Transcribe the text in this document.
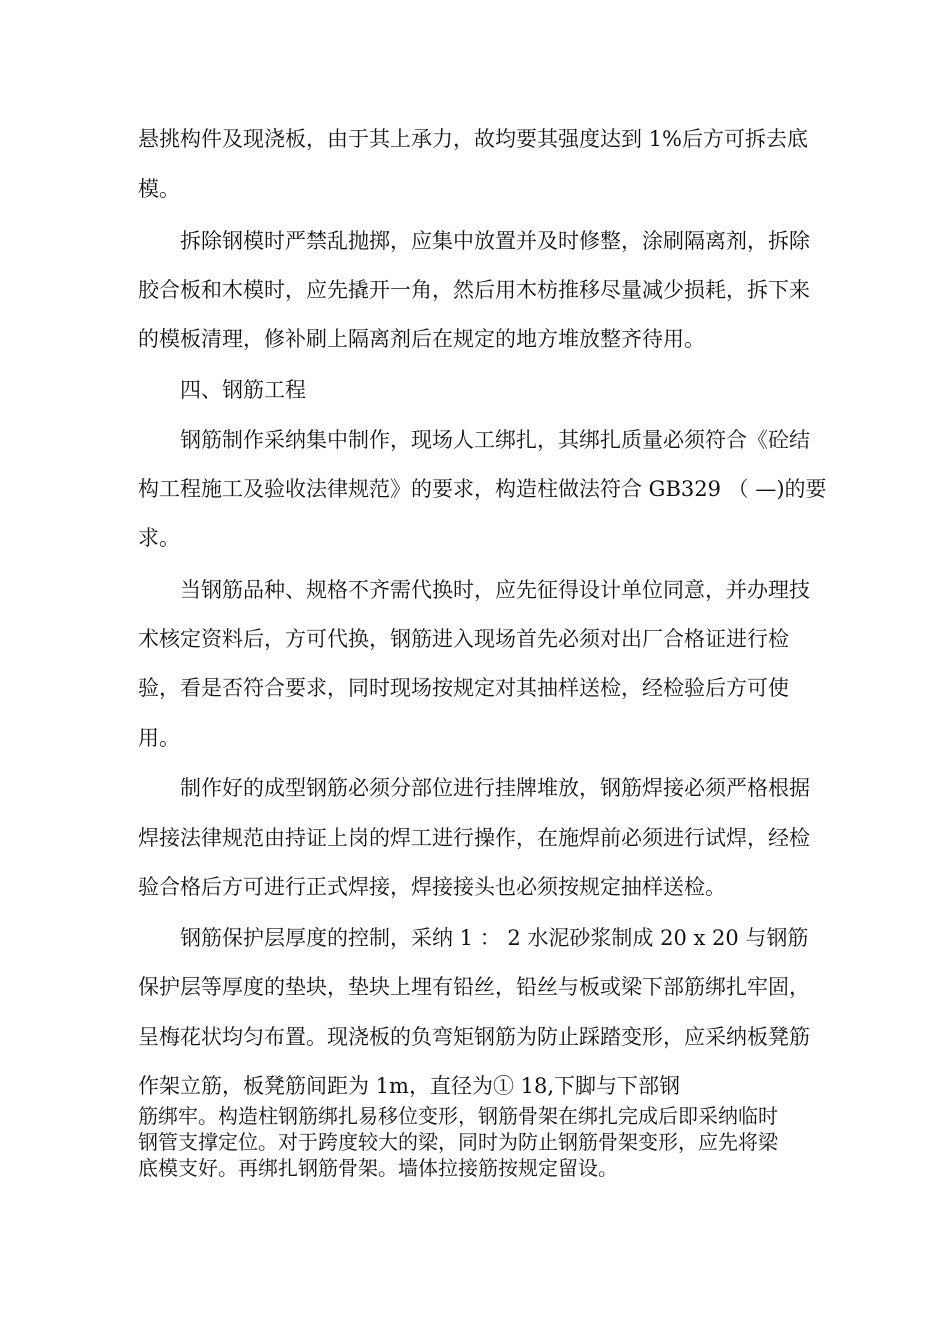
悬挑构件及现浇板，由于其上承力，故均要其强度达到 1%后方可拆去底

模。

拆除钢模时严禁乱抛掷，应集中放置并及时修整，涂刷隔离剂，拆除

胶合板和木模时，应先撬开一角，然后用木枋推移尽量减少损耗，拆下来

的模板清理，修补刷上隔离剂后在规定的地方堆放整齐待用。

四、钢筋工程

钢筋制作采纳集中制作，现场人工绑扎，其绑扎质量必须符合《砼结

构工程施工及验收法律规范》的要求，构造柱做法符合 GB329 （ —)的要

求。

当钢筋品种、规格不齐需代换时，应先征得设计单位同意，并办理技

术核定资料后，方可代换，钢筋进入现场首先必须对出厂合格证进行检

验，看是否符合要求，同时现场按规定对其抽样送检，经检验后方可使

用。

制作好的成型钢筋必须分部位进行挂牌堆放，钢筋焊接必须严格根据

焊接法律规范由持证上岗的焊工进行操作，在施焊前必须进行试焊，经检

验合格后方可进行正式焊接，焊接接头也必须按规定抽样送检。

钢筋保护层厚度的控制，采纳 1 ： 2 水泥砂浆制成 20 x 20 与钢筋

保护层等厚度的垫块，垫块上埋有铅丝，铅丝与板或梁下部筋绑扎牢固，

呈梅花状均匀布置。现浇板的负弯矩钢筋为防止踩踏变形，应采纳板凳筋

作架立筋，板凳筋间距为 1m，直径为① 18,下脚与下部钢

筋绑牢。构造柱钢筋绑扎易移位变形，钢筋骨架在绑扎完成后即采纳临时

钢管支撑定位。对于跨度较大的梁，同时为防止钢筋骨架变形，应先将梁

底模支好。再绑扎钢筋骨架。墙体拉接筋按规定留设。
